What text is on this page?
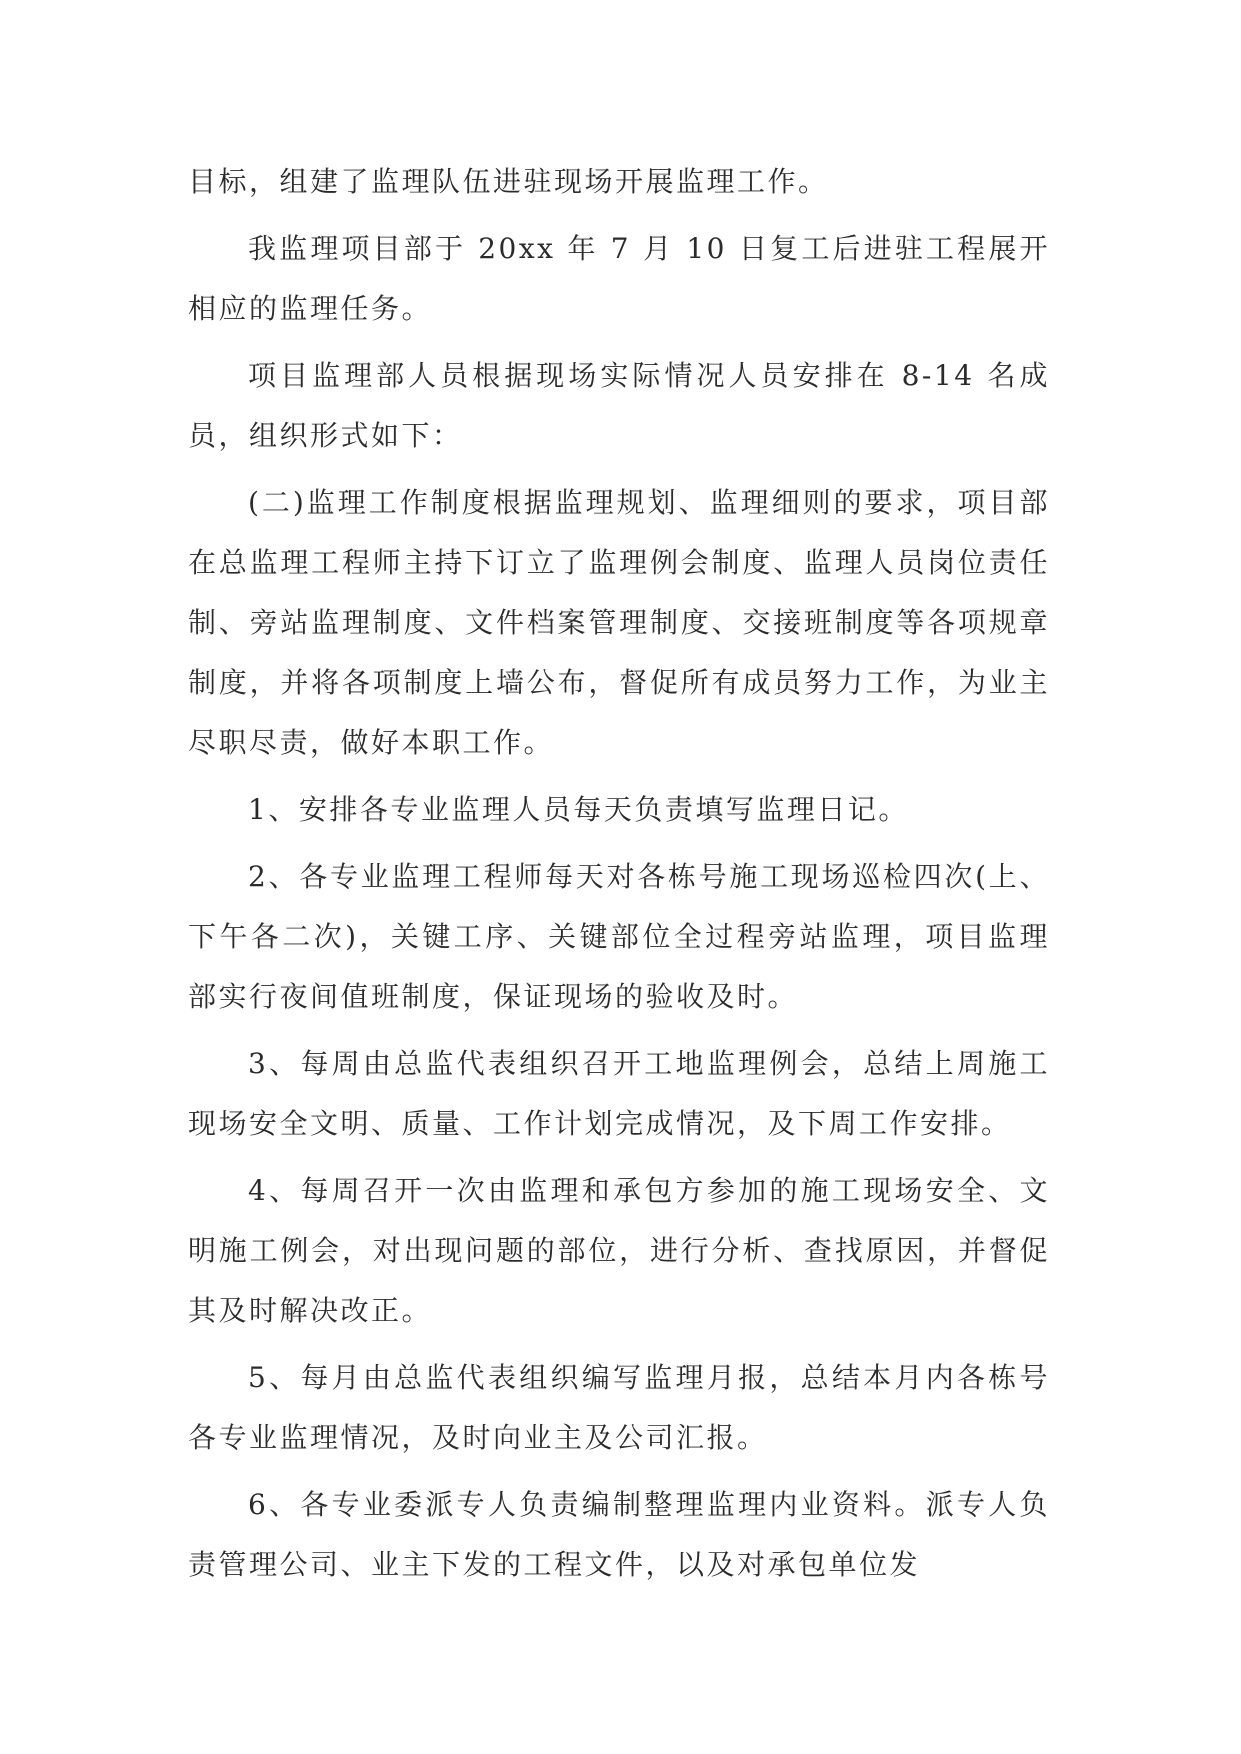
目标，组建了监理队伍进驻现场开展监理工作。

我监理项目部于 20xx 年 7 月 10 日复工后进驻工程展开相应的监理任务。

项目监理部人员根据现场实际情况人员安排在 8-14 名成员，组织形式如下：

(二)监理工作制度根据监理规划、监理细则的要求，项目部在总监理工程师主持下订立了监理例会制度、监理人员岗位责任制、旁站监理制度、文件档案管理制度、交接班制度等各项规章制度，并将各项制度上墙公布，督促所有成员努力工作，为业主尽职尽责，做好本职工作。

1、安排各专业监理人员每天负责填写监理日记。

2、各专业监理工程师每天对各栋号施工现场巡检四次(上、下午各二次)，关键工序、关键部位全过程旁站监理，项目监理部实行夜间值班制度，保证现场的验收及时。

3、每周由总监代表组织召开工地监理例会，总结上周施工现场安全文明、质量、工作计划完成情况，及下周工作安排。

4、每周召开一次由监理和承包方参加的施工现场安全、文明施工例会，对出现问题的部位，进行分析、查找原因，并督促其及时解决改正。

5、每月由总监代表组织编写监理月报，总结本月内各栋号各专业监理情况，及时向业主及公司汇报。

6、各专业委派专人负责编制整理监理内业资料。派专人负责管理公司、业主下发的工程文件，以及对承包单位发
